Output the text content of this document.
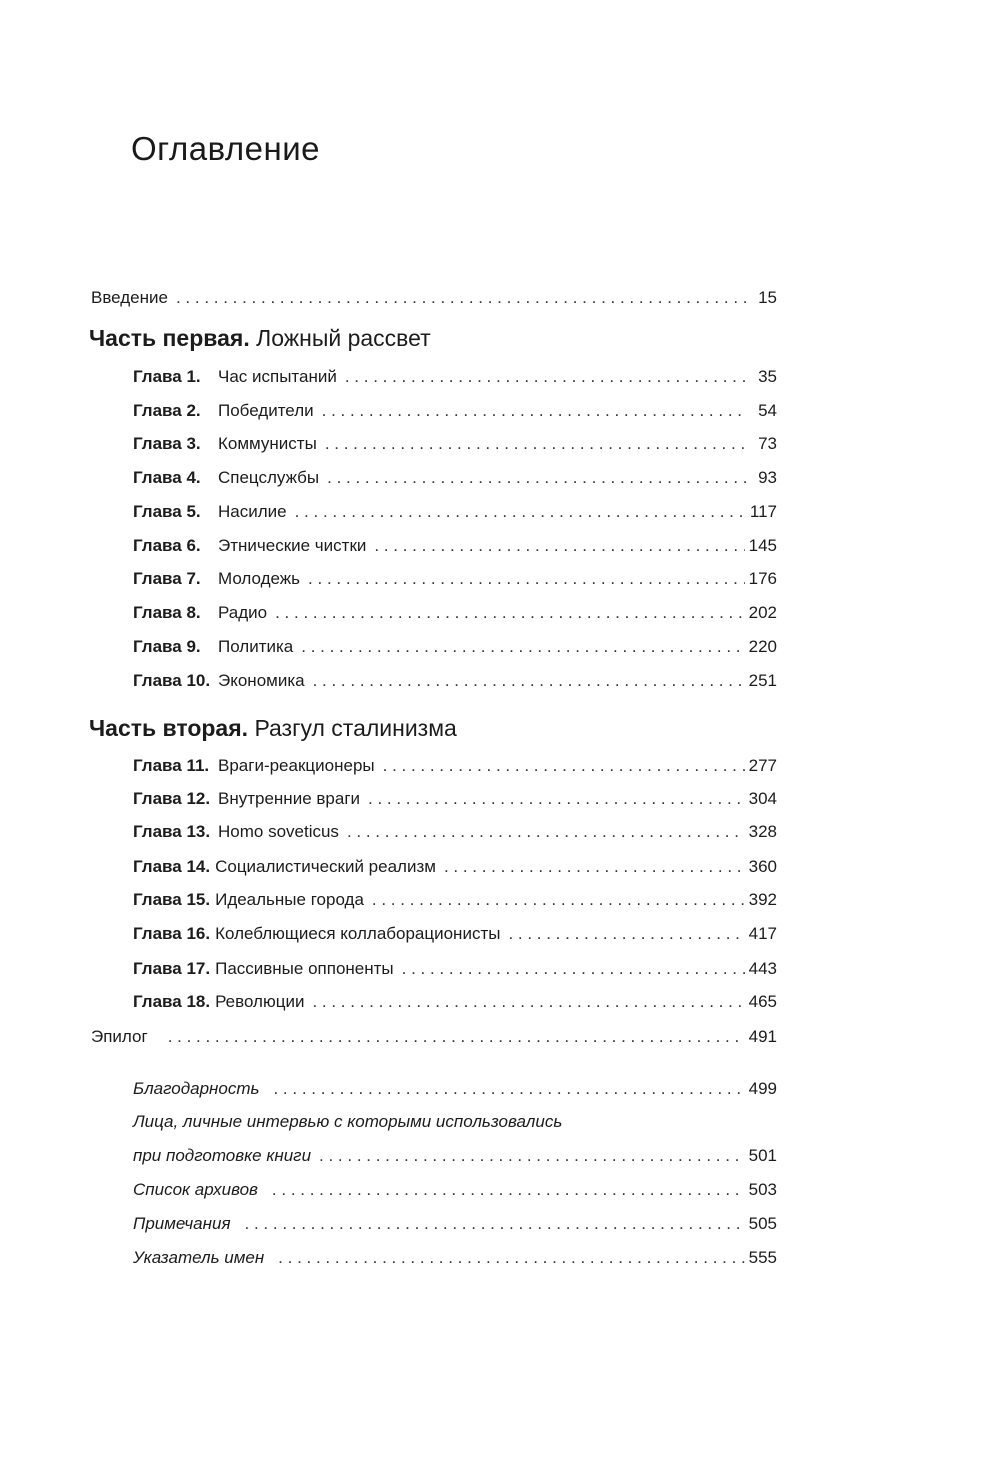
Оглавление
Введение . . .	15
Часть первая. Ложный рассвет
Глава 1.	Час испытаний . . .	35
Глава 2.	Победители . . .	54
Глава 3.	Коммунисты . . .	73
Глава 4.	Спецслужбы . . .	93
Глава 5.	Насилие . . .	117
Глава 6.	Этнические чистки . . .	145
Глава 7.	Молодежь . . .	176
Глава 8.	Радио . . .	202
Глава 9.	Политика . . .	220
Глава 10. Экономика . . .	251
Часть вторая. Разгул сталинизма
Глава 11. Враги-реакционеры . . .	277
Глава 12. Внутренние враги . . .	304
Глава 13. Homo soveticus . . .	328
Глава 14. Социалистический реализм . . .	360
Глава 15. Идеальные города . . .	392
Глава 16. Колеблющиеся коллаборационисты . . .	417
Глава 17. Пассивные оппоненты . . .	443
Глава 18. Революции . . .	465
Эпилог . . .	491
Благодарность . . .	499
Лица, личные интервью с которыми использовались
при подготовке книги . . .	501
Список архивов . . .	503
Примечания . . .	505
Указатель имен . . .	555
